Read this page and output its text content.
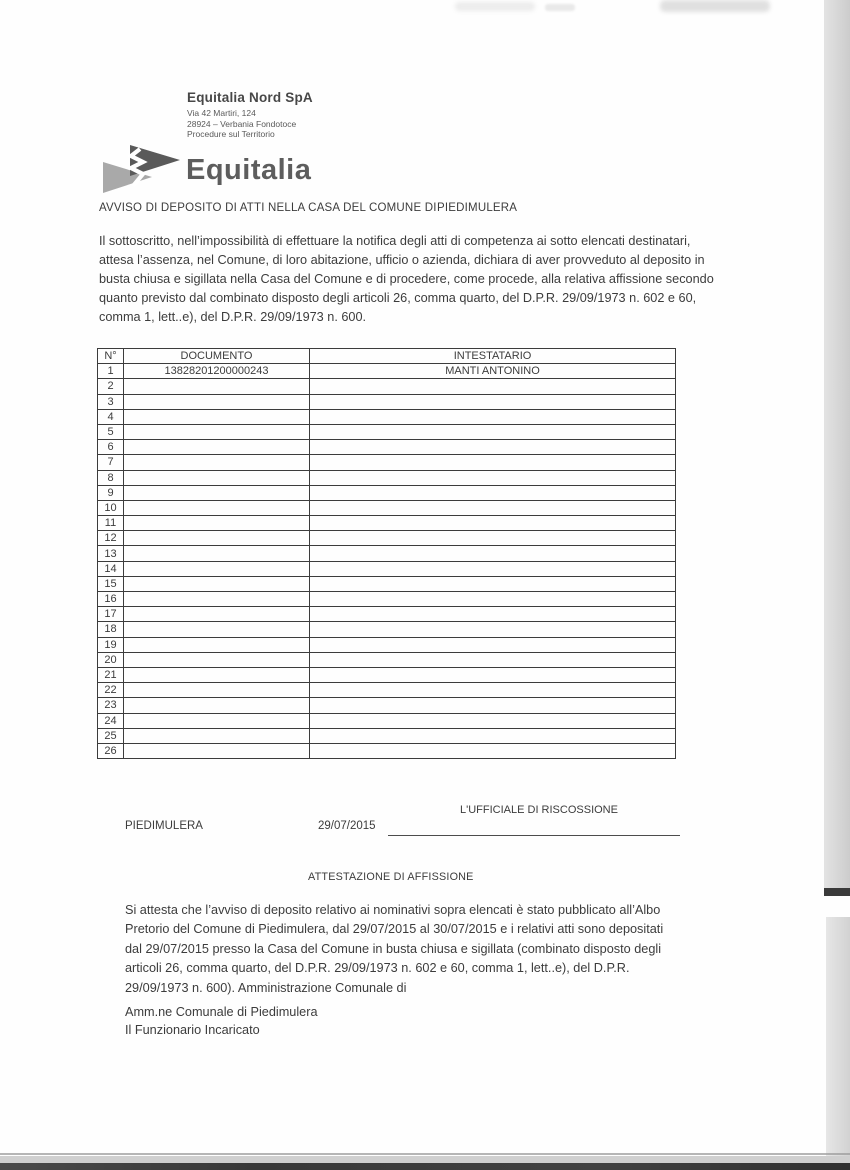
Equitalia Nord SpA
Via 42 Martiri, 124
28924 – Verbania Fondotoce
Procedure sul Territorio
Equitalia
AVVISO DI DEPOSITO DI ATTI NELLA CASA DEL COMUNE DI PIEDIMULERA
Il sottoscritto, nell’impossibilità di effettuare la notifica degli atti di competenza ai sotto elencati destinatari, attesa l’assenza, nel Comune, di loro abitazione, ufficio o azienda, dichiara di aver provveduto al deposito in busta chiusa e sigillata nella Casa del Comune e di procedere, come procede, alla relativa affissione secondo quanto previsto dal combinato disposto degli articoli 26, comma quarto, del D.P.R. 29/09/1973 n. 602 e 60, comma 1, lett..e), del D.P.R. 29/09/1973 n. 600.
N°	DOCUMENTO	INTESTATARIO
1	13828201200000243	MANTI ANTONINO
2		
3		
4		
5		
6		
7		
8		
9		
10		
11		
12		
13		
14		
15		
16		
17		
18		
19		
20		
21		
22		
23		
24		
25		
26		
L'UFFICIALE DI RISCOSSIONE
PIEDIMULERA	29/07/2015
ATTESTAZIONE DI AFFISSIONE
Si attesta che l’avviso di deposito relativo ai nominativi sopra elencati è stato pubblicato all’Albo Pretorio del Comune di Piedimulera, dal 29/07/2015 al 30/07/2015 e i relativi atti sono depositati dal 29/07/2015 presso la Casa del Comune in busta chiusa e sigillata (combinato disposto degli articoli 26, comma quarto, del D.P.R. 29/09/1973 n. 602 e 60, comma 1, lett..e), del D.P.R. 29/09/1973 n. 600). Amministrazione Comunale di
Amm.ne Comunale di Piedimulera
Il Funzionario Incaricato
